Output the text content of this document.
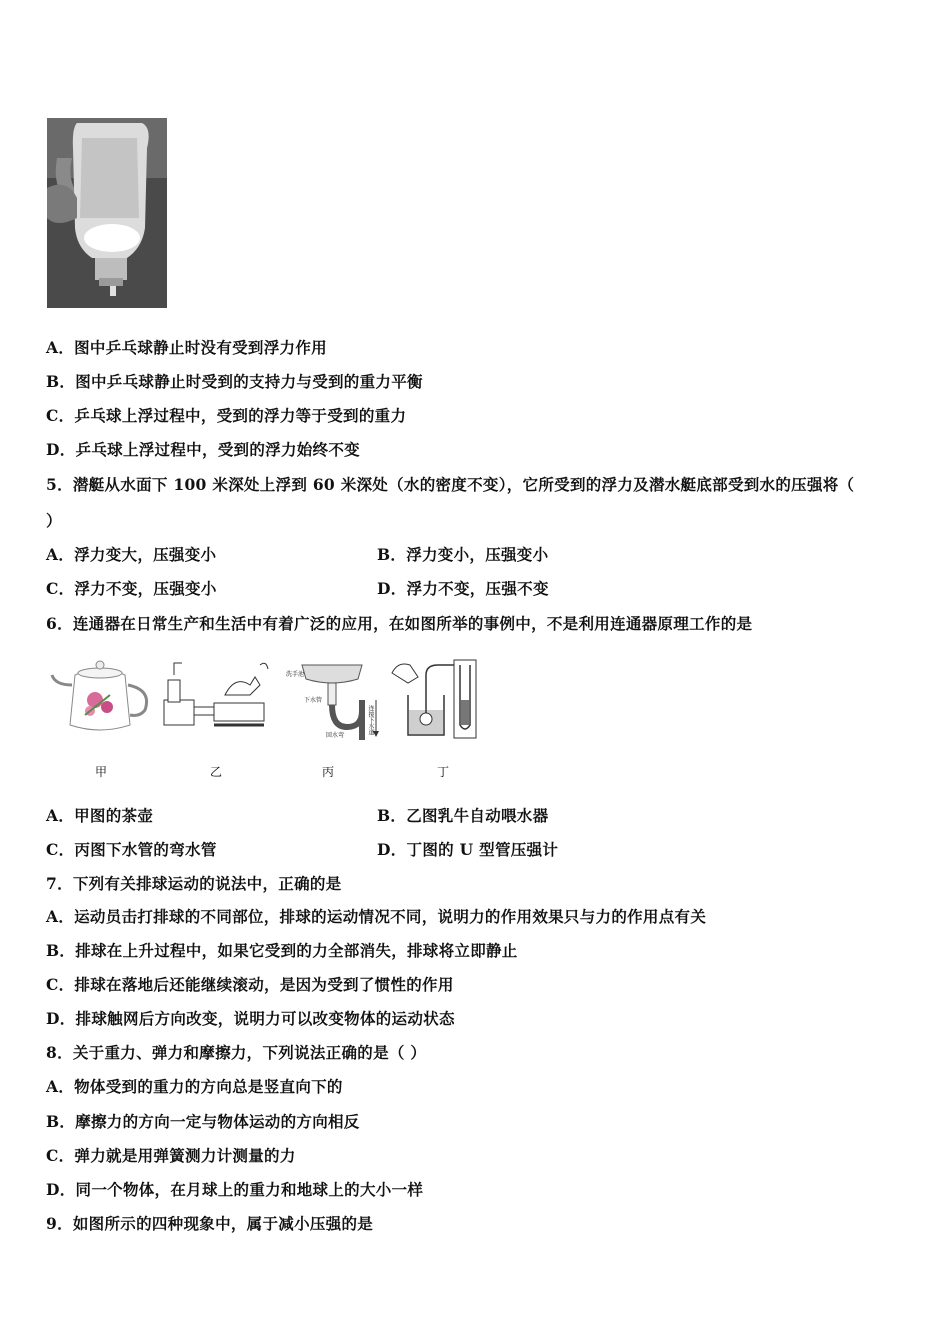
A．图中乒乓球静止时没有受到浮力作用
B．图中乒乓球静止时受到的支持力与受到的重力平衡
C．乒乓球上浮过程中，受到的浮力等于受到的重力
D．乒乓球上浮过程中，受到的浮力始终不变
5．潜艇从水面下 100 米深处上浮到 60 米深处（水的密度不变），它所受到的浮力及潜水艇底部受到水的压强将（
）
A．浮力变大，压强变小	B．浮力变小，压强变小
C．浮力不变，压强变小	D．浮力不变，压强不变
6．连通器在日常生产和生活中有着广泛的应用，在如图所举的事例中，不是利用连通器原理工作的是
甲	乙
洗手池
下水管
回水弯
连接下水道
丙	丁
A．甲图的茶壶	B．乙图乳牛自动喂水器
C．丙图下水管的弯水管	D．丁图的 U 型管压强计
7．下列有关排球运动的说法中，正确的是
A．运动员击打排球的不同部位，排球的运动情况不同，说明力的作用效果只与力的作用点有关
B．排球在上升过程中，如果它受到的力全部消失，排球将立即静止
C．排球在落地后还能继续滚动，是因为受到了惯性的作用
D．排球触网后方向改变，说明力可以改变物体的运动状态
8．关于重力、弹力和摩擦力，下列说法正确的是（ ）
A．物体受到的重力的方向总是竖直向下的
B．摩擦力的方向一定与物体运动的方向相反
C．弹力就是用弹簧测力计测量的力
D．同一个物体，在月球上的重力和地球上的大小一样
9．如图所示的四种现象中，属于减小压强的是
